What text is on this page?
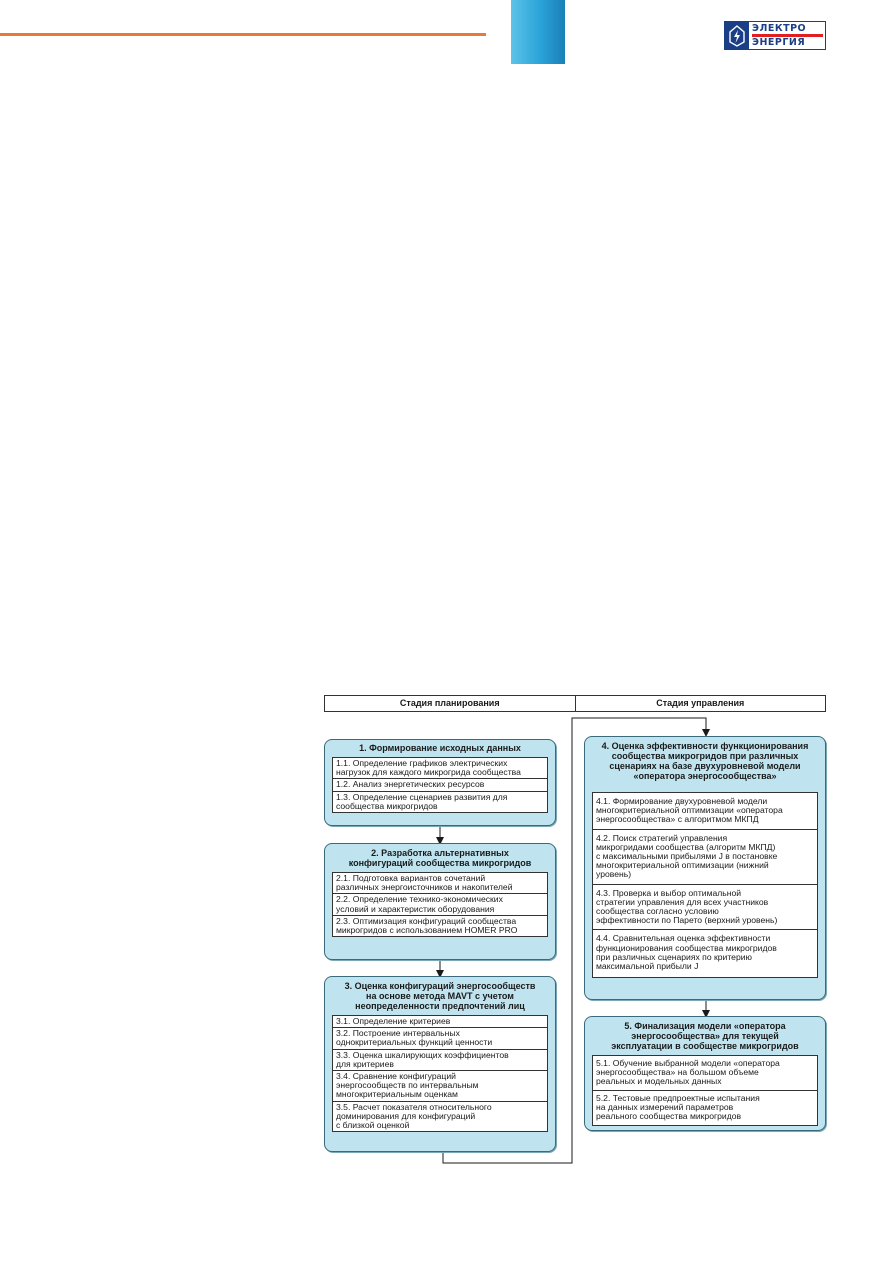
ЭЛЕКТРО
ЭНЕРГИЯ
Стадия планирования	Стадия управления
1. Формирование исходных данных
1.1. Определение графиков электрических
нагрузок для каждого микрогрида сообщества
1.2. Анализ энергетических ресурсов
1.3. Определение сценариев развития для
сообщества микрогридов
2. Разработка альтернативных
конфигураций сообщества микрогридов
2.1. Подготовка вариантов сочетаний
различных энергоисточников и накопителей
2.2. Определение технико-экономических
условий и характеристик оборудования
2.3. Оптимизация конфигураций сообщества
микрогридов с использованием HOMER PRO
3. Оценка конфигураций энергосообществ
на основе метода MAVT с учетом
неопределенности предпочтений лиц
3.1. Определение критериев
3.2. Построение интервальных
однокритериальных функций ценности
3.3. Оценка шкалирующих коэффициентов
для критериев
3.4. Сравнение конфигураций
энергосообществ по интервальным
многокритериальным оценкам
3.5. Расчет показателя относительного
доминирования для конфигураций
с близкой оценкой
4. Оценка эффективности функционирования
сообщества микрогридов при различных
сценариях на базе двухуровневой модели
«оператора энергосообщества»
4.1. Формирование двухуровневой модели
многокритериальной оптимизации «оператора
энергосообщества» с алгоритмом МКПД
4.2. Поиск стратегий управления
микрогридами сообщества (алгоритм МКПД)
с максимальными прибылями J в постановке
многокритериальной оптимизации (нижний
уровень)
4.3. Проверка и выбор оптимальной
стратегии управления для всех участников
сообщества согласно условию
эффективности по Парето (верхний уровень)
4.4. Сравнительная оценка эффективности
функционирования сообщества микрогридов
при различных сценариях по критерию
максимальной прибыли J
5. Финализация модели «оператора
энергосообщества» для текущей
эксплуатации в сообществе микрогридов
5.1. Обучение выбранной модели «оператора
энергосообщества» на большом объеме
реальных и модельных данных
5.2. Тестовые предпроектные испытания
на данных измерений параметров
реального сообщества микрогридов
